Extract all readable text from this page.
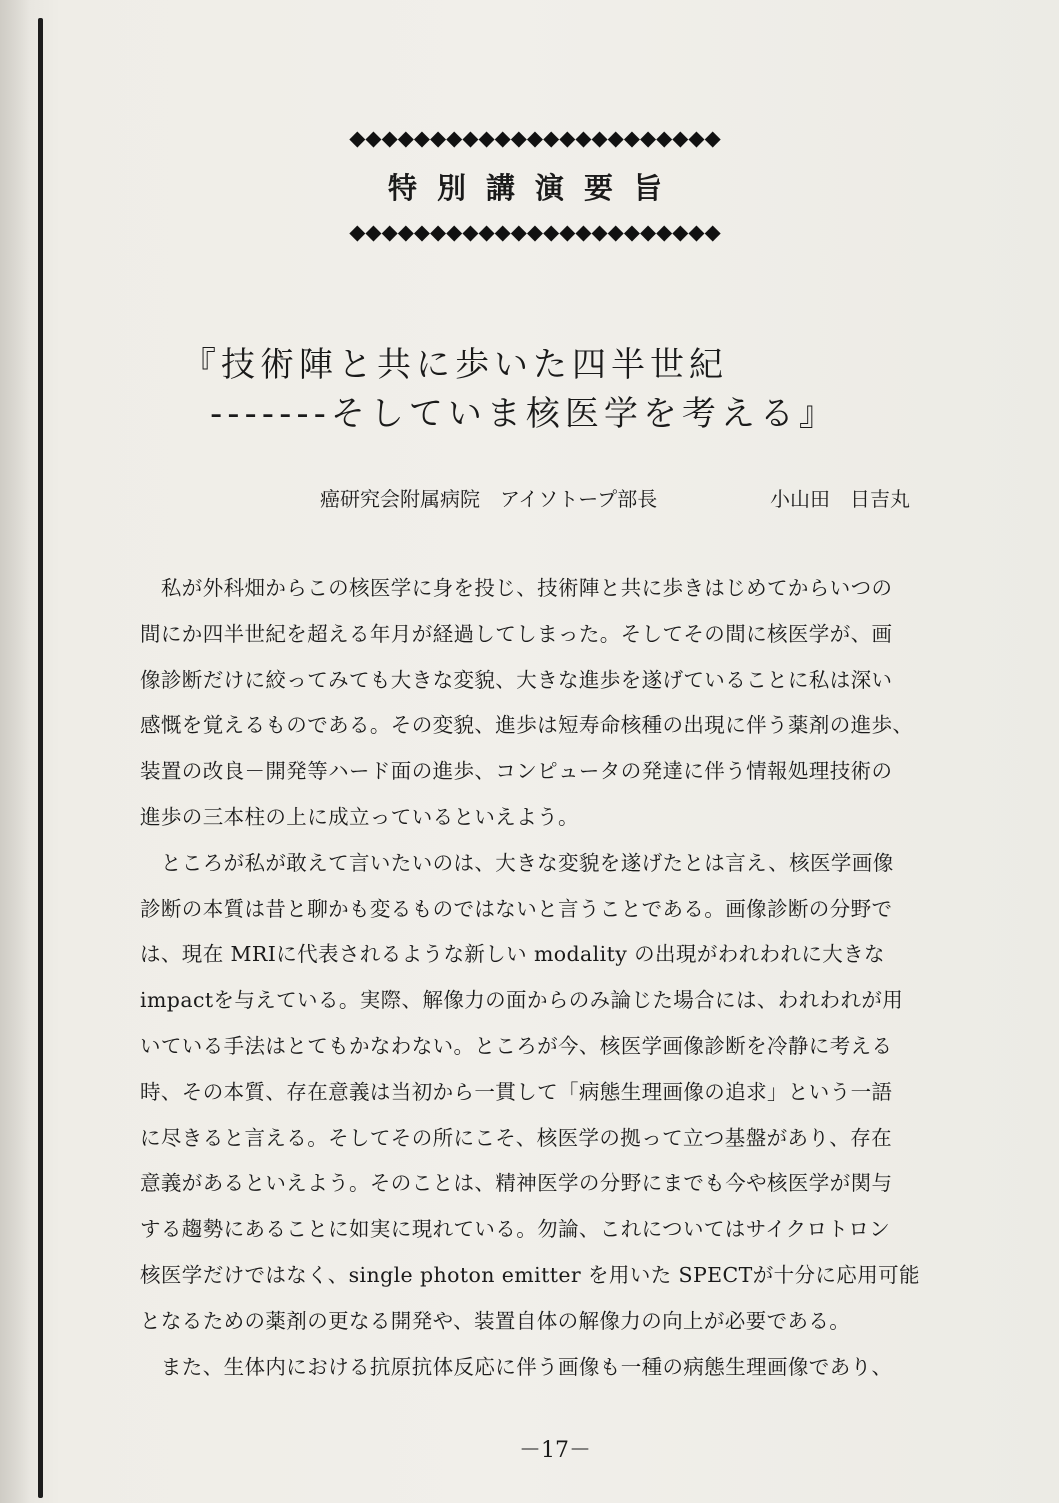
◆◆◆◆◆◆◆◆◆◆◆◆◆◆◆◆◆◆◆◆◆◆◆
特別講演要旨
◆◆◆◆◆◆◆◆◆◆◆◆◆◆◆◆◆◆◆◆◆◆◆
『技術陣と共に歩いた四半世紀
-------そしていま核医学を考える』
癌研究会附属病院　アイソトープ部長	小山田　日吉丸
　私が外科畑からこの核医学に身を投じ、技術陣と共に歩きはじめてからいつの
間にか四半世紀を超える年月が経過してしまった。そしてその間に核医学が、画
像診断だけに絞ってみても大きな変貌、大きな進歩を遂げていることに私は深い
感慨を覚えるものである。その変貌、進歩は短寿命核種の出現に伴う薬剤の進歩、
装置の改良－開発等ハード面の進歩、コンピュータの発達に伴う情報処理技術の
進歩の三本柱の上に成立っているといえよう。
　ところが私が敢えて言いたいのは、大きな変貌を遂げたとは言え、核医学画像
診断の本質は昔と聊かも変るものではないと言うことである。画像診断の分野で
は、現在 MRIに代表されるような新しい modality の出現がわれわれに大きな
impactを与えている。実際、解像力の面からのみ論じた場合には、われわれが用
いている手法はとてもかなわない。ところが今、核医学画像診断を冷静に考える
時、その本質、存在意義は当初から一貫して「病態生理画像の追求」という一語
に尽きると言える。そしてその所にこそ、核医学の拠って立つ基盤があり、存在
意義があるといえよう。そのことは、精神医学の分野にまでも今や核医学が関与
する趨勢にあることに如実に現れている。勿論、これについてはサイクロトロン
核医学だけではなく、single photon emitter を用いた SPECTが十分に応用可能
となるための薬剤の更なる開発や、装置自体の解像力の向上が必要である。
　また、生体内における抗原抗体反応に伴う画像も一種の病態生理画像であり、
－17－
